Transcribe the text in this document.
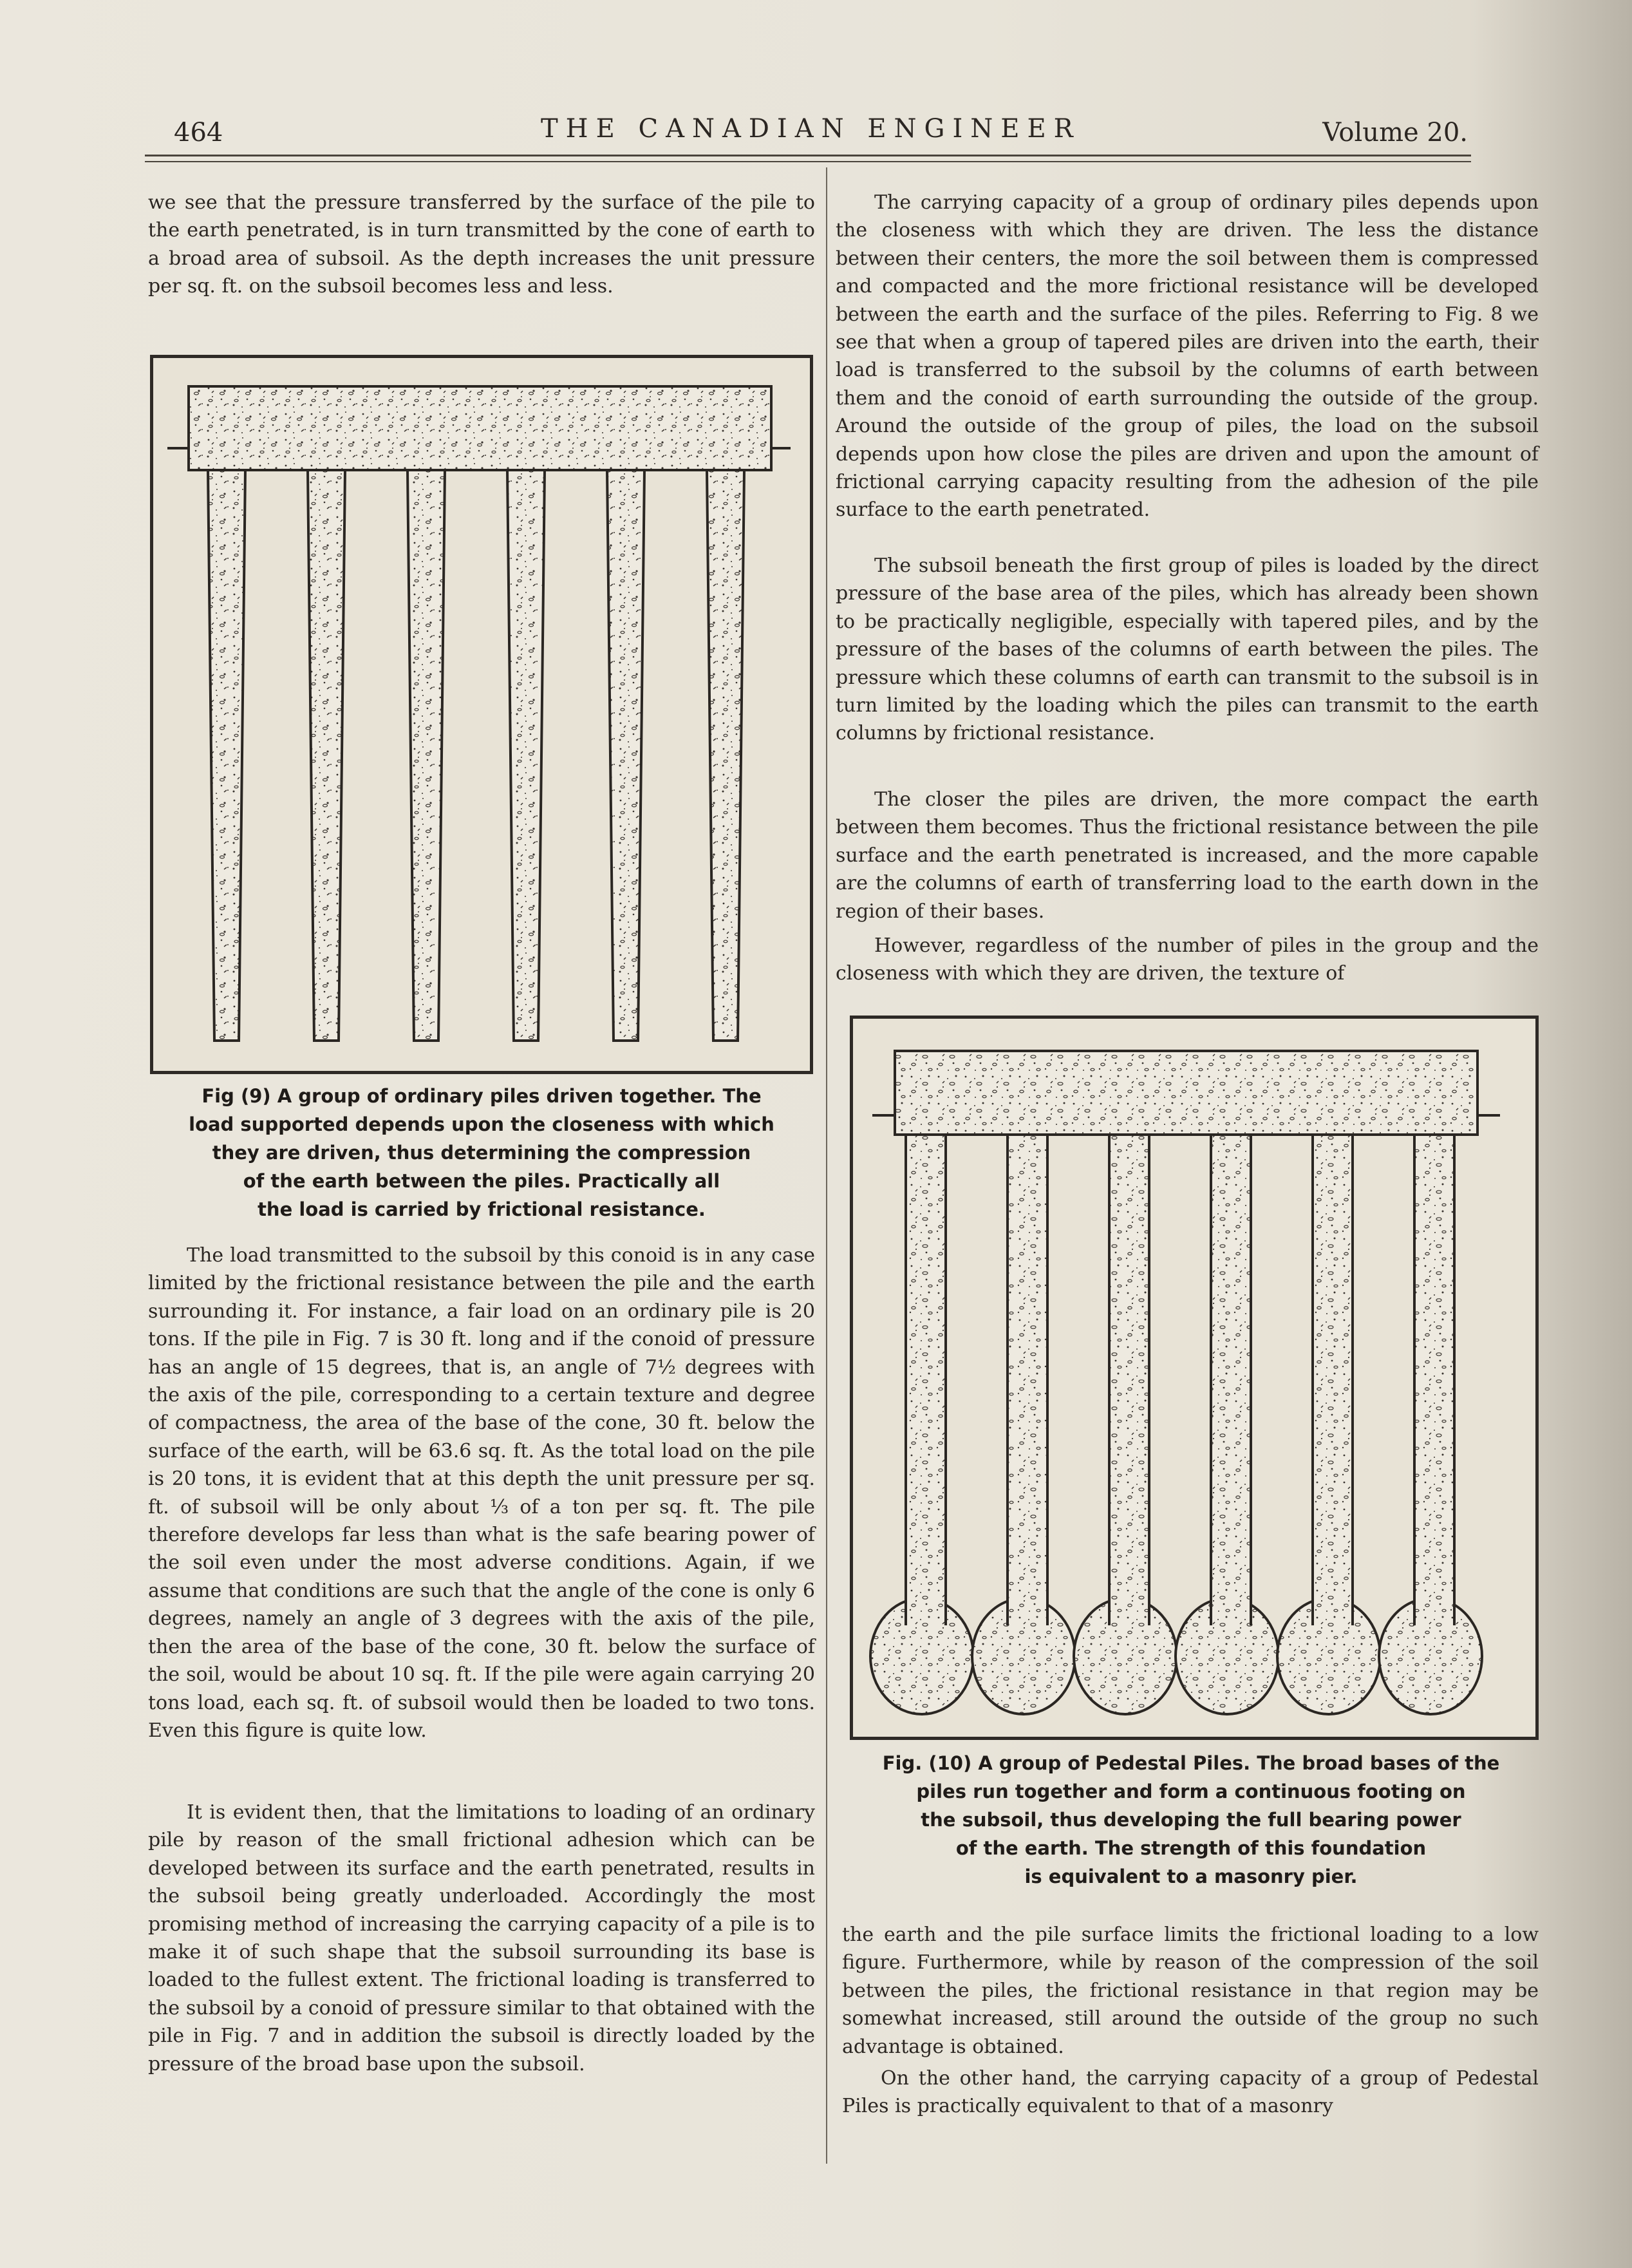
464	THE CANADIAN ENGINEER	Volume 20.
we see that the pressure transferred by the surface of the pile to the earth penetrated, is in turn transmitted by the cone of earth to a broad area of subsoil. As the depth increases the unit pressure per sq. ft. on the subsoil becomes less and less.
Fig (9) A group of ordinary piles driven together. The
load supported depends upon the closeness with which
they are driven, thus determining the compression
of the earth between the piles. Practically all
the load is carried by frictional resistance.
The load transmitted to the subsoil by this conoid is in any case limited by the frictional resistance between the pile and the earth surrounding it. For instance, a fair load on an ordinary pile is 20 tons. If the pile in Fig. 7 is 30 ft. long and if the conoid of pressure has an angle of 15 degrees, that is, an angle of 7½ degrees with the axis of the pile, corresponding to a certain texture and degree of compactness, the area of the base of the cone, 30 ft. below the surface of the earth, will be 63.6 sq. ft. As the total load on the pile is 20 tons, it is evident that at this depth the unit pressure per sq. ft. of subsoil will be only about ⅓ of a ton per sq. ft. The pile therefore develops far less than what is the safe bearing power of the soil even under the most adverse conditions. Again, if we assume that conditions are such that the angle of the cone is only 6 degrees, namely an angle of 3 degrees with the axis of the pile, then the area of the base of the cone, 30 ft. below the surface of the soil, would be about 10 sq. ft. If the pile were again carrying 20 tons load, each sq. ft. of subsoil would then be loaded to two tons. Even this figure is quite low.
It is evident then, that the limitations to loading of an ordinary pile by reason of the small frictional adhesion which can be developed between its surface and the earth penetrated, results in the subsoil being greatly underloaded. Accordingly the most promising method of increasing the carrying capacity of a pile is to make it of such shape that the subsoil surrounding its base is loaded to the fullest extent. The frictional loading is transferred to the subsoil by a conoid of pressure similar to that obtained with the pile in Fig. 7 and in addition the subsoil is directly loaded by the pressure of the broad base upon the subsoil.
The carrying capacity of a group of ordinary piles depends upon the closeness with which they are driven. The less the distance between their centers, the more the soil between them is compressed and compacted and the more frictional resistance will be developed between the earth and the surface of the piles. Referring to Fig. 8 we see that when a group of tapered piles are driven into the earth, their load is transferred to the subsoil by the columns of earth between them and the conoid of earth surrounding the outside of the group. Around the outside of the group of piles, the load on the subsoil depends upon how close the piles are driven and upon the amount of frictional carrying capacity resulting from the adhesion of the pile surface to the earth penetrated.
The subsoil beneath the first group of piles is loaded by the direct pressure of the base area of the piles, which has already been shown to be practically negligible, especially with tapered piles, and by the pressure of the bases of the columns of earth between the piles. The pressure which these columns of earth can transmit to the subsoil is in turn limited by the loading which the piles can transmit to the earth columns by frictional resistance.
The closer the piles are driven, the more compact the earth between them becomes. Thus the frictional resistance between the pile surface and the earth penetrated is increased, and the more capable are the columns of earth of transferring load to the earth down in the region of their bases.
However, regardless of the number of piles in the group and the closeness with which they are driven, the texture of
Fig. (10) A group of Pedestal Piles. The broad bases of the
piles run together and form a continuous footing on
the subsoil, thus developing the full bearing power
of the earth. The strength of this foundation
is equivalent to a masonry pier.
the earth and the pile surface limits the frictional loading to a low figure. Furthermore, while by reason of the compression of the soil between the piles, the frictional resistance in that region may be somewhat increased, still around the outside of the group no such advantage is obtained.
On the other hand, the carrying capacity of a group of Pedestal Piles is practically equivalent to that of a masonry
